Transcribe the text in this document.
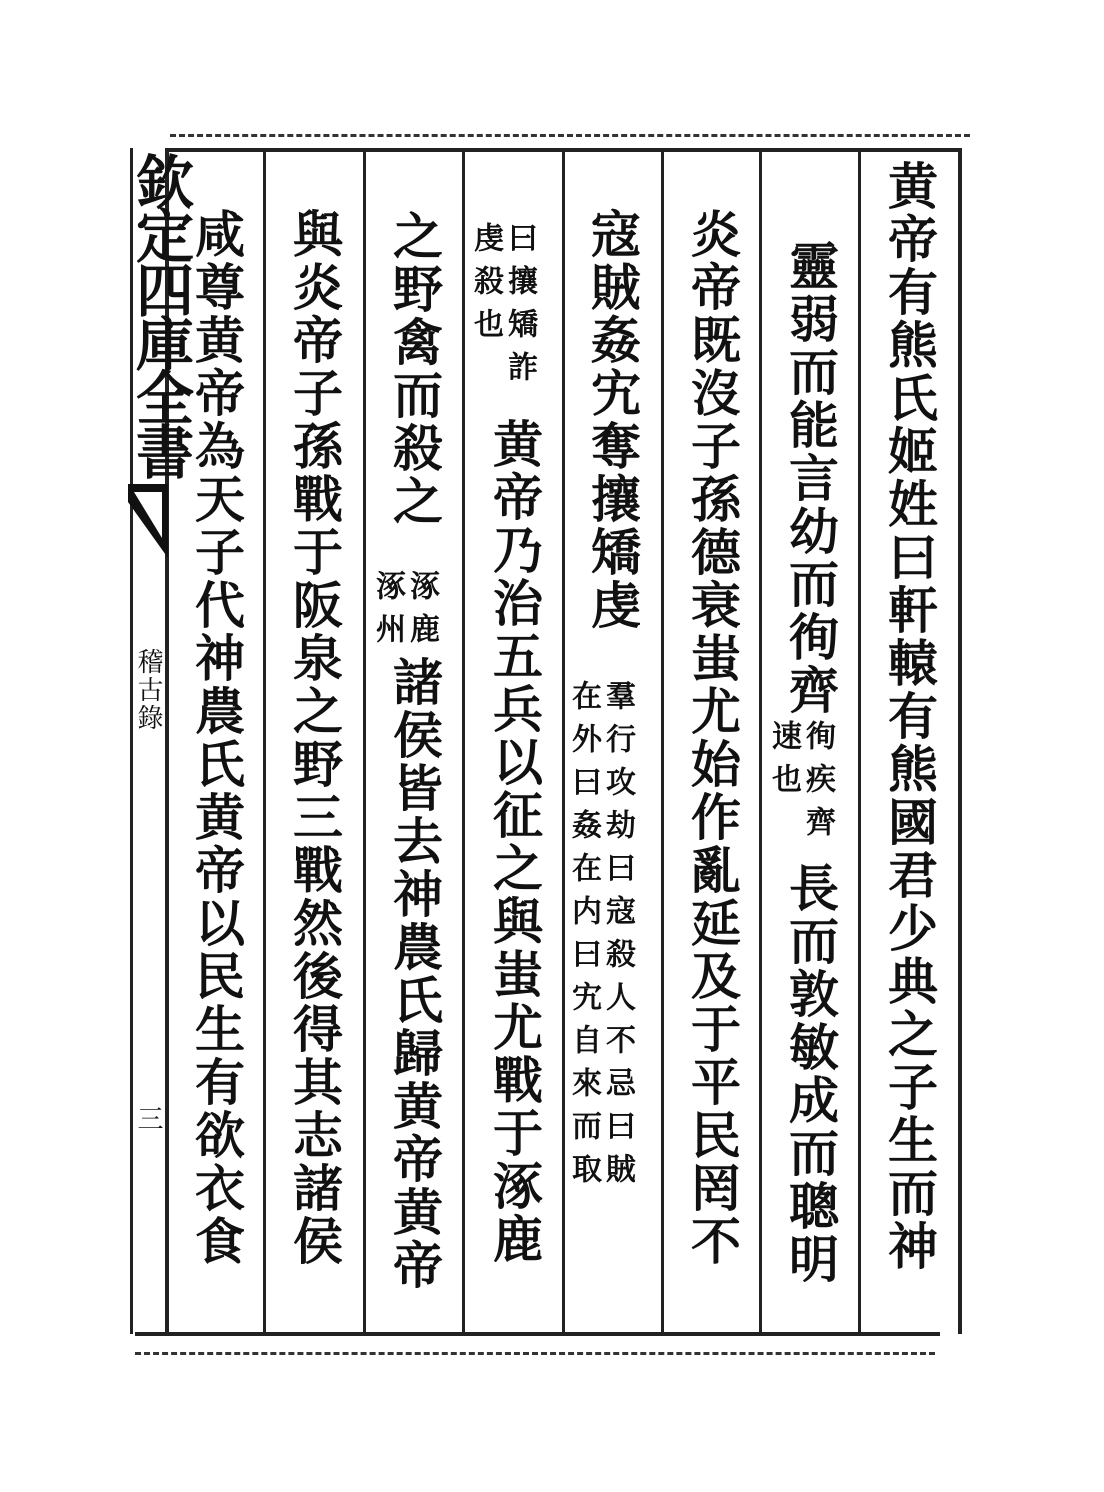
欽定四庫全書
稽古錄
三	黄帝有熊氏姬姓曰軒轅有熊國君少典之子生而神
靈弱而能言幼而徇齊
徇疾齊
速也
長而敦敏成而聰明
炎帝既沒子孫德衰蚩尤始作亂延及于平民罔不
寇賊姦宄奪攘矯虔
羣行攻劫曰寇殺人不忌曰賊
在外曰姦在内曰宄自來而取
曰攘矯詐
虔殺也
黄帝乃治五兵以征之與蚩尤戰于涿鹿
之野禽而殺之
涿鹿
涿州
諸侯皆去神農氏歸黄帝黄帝
與炎帝子孫戰于阪泉之野三戰然後得其志諸侯
咸尊黄帝為天子代神農氏黄帝以民生有欲衣食
